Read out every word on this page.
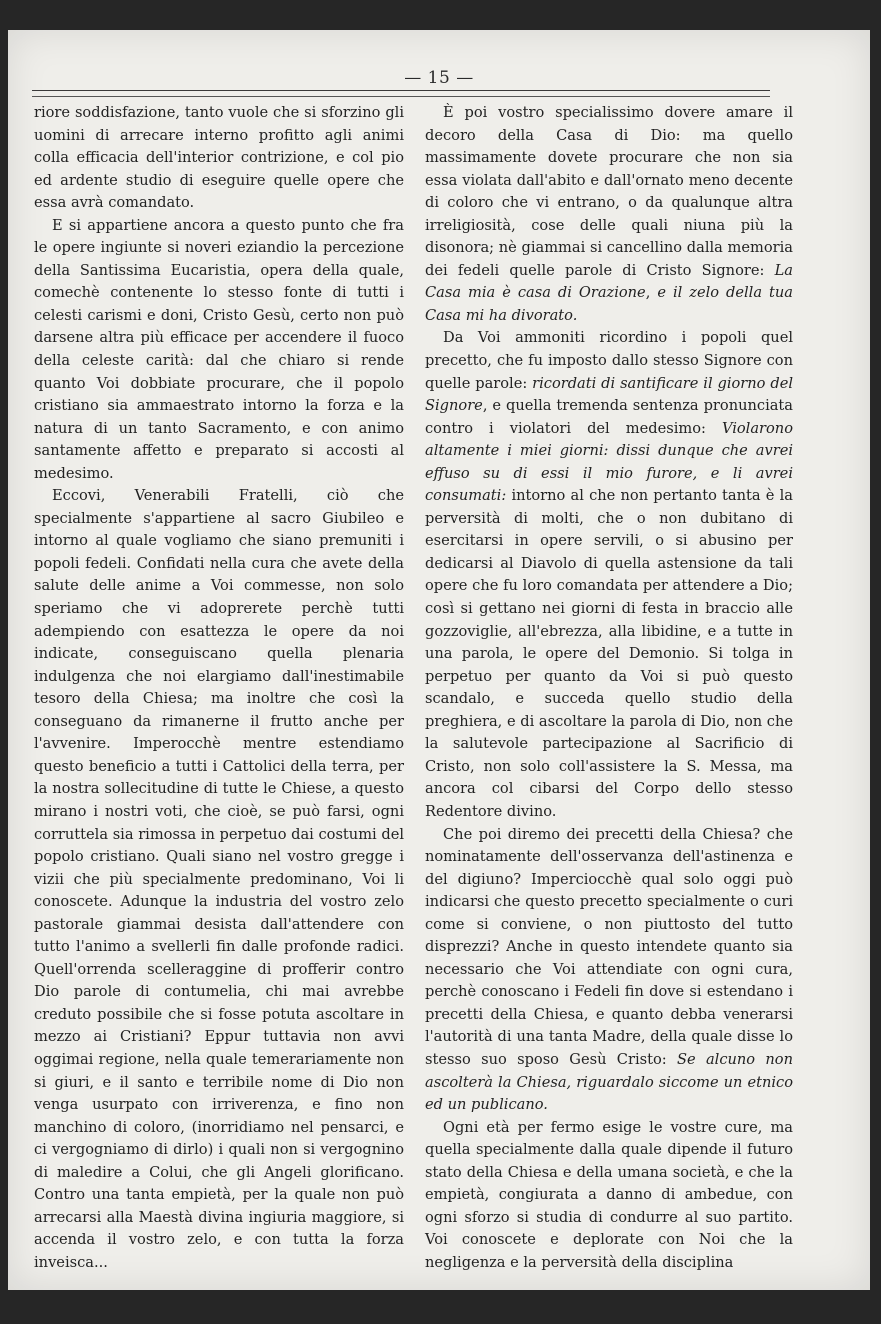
— 15 —

riore soddisfazione, tanto vuole che si sforzino gli uomini di arrecare interno profitto agli animi colla efficacia dell'interior contrizione, e col pio ed ardente studio di eseguire quelle opere che essa avrà comandato.

E si appartiene ancora a questo punto che fra le opere ingiunte si noveri eziandio la percezione della Santissima Eucaristia, opera della quale, comechè contenente lo stesso fonte di tutti i celesti carismi e doni, Cristo Gesù, certo non può darsene altra più efficace per accendere il fuoco della celeste carità: dal che chiaro si rende quanto Voi dobbiate procurare, che il popolo cristiano sia ammaestrato intorno la forza e la natura di un tanto Sacramento, e con animo santamente affetto e preparato si accosti al medesimo.

Eccovi, Venerabili Fratelli, ciò che specialmente s'appartiene al sacro Giubileo e intorno al quale vogliamo che siano premuniti i popoli fedeli. Confidati nella cura che avete della salute delle anime a Voi commesse, non solo speriamo che vi adoprerete perchè tutti adempiendo con esattezza le opere da noi indicate, conseguiscano quella plenaria indulgenza che noi elargiamo dall'inestimabile tesoro della Chiesa; ma inoltre che così la conseguano da rimanerne il frutto anche per l'avvenire. Imperocchè mentre estendiamo questo beneficio a tutti i Cattolici della terra, per la nostra sollecitudine di tutte le Chiese, a questo mirano i nostri voti, che cioè, se può farsi, ogni corruttela sia rimossa in perpetuo dai costumi del popolo cristiano. Quali siano nel vostro gregge i vizii che più specialmente predominano, Voi li conoscete. Adunque la industria del vostro zelo pastorale giammai desista dall'attendere con tutto l'animo a svellerli fin dalle profonde radici. Quell'orrenda scelleraggine di profferir contro Dio parole di contumelia, chi mai avrebbe creduto possibile che si fosse potuta ascoltare in mezzo ai Cristiani? Eppur tuttavia non avvi oggimai regione, nella quale temerariamente non si giuri, e il santo e terribile nome di Dio non venga usurpato con irriverenza, e fino non manchino di coloro, (inorridiamo nel pensarci, e ci vergogniamo di dirlo) i quali non si vergognino di maledire a Colui, che gli Angeli glorificano. Contro una tanta empietà, per la quale non può arrecarsi alla Maestà divina ingiuria maggiore, si accenda il vostro zelo, e con tutta la forza inveisca...

È poi vostro specialissimo dovere amare il decoro della Casa di Dio: ma quello massimamente dovete procurare che non sia essa violata dall'abito e dall'ornato meno decente di coloro che vi entrano, o da qualunque altra irreligiosità, cose delle quali niuna più la disonora; nè giammai si cancellino dalla memoria dei fedeli quelle parole di Cristo Signore: La Casa mia è casa di Orazione, e il zelo della tua Casa mi ha divorato.

Da Voi ammoniti ricordino i popoli quel precetto, che fu imposto dallo stesso Signore con quelle parole: ricordati di santificare il giorno del Signore, e quella tremenda sentenza pronunciata contro i violatori del medesimo: Violarono altamente i miei giorni: dissi dunque che avrei effuso su di essi il mio furore, e li avrei consumati: intorno al che non pertanto tanta è la perversità di molti, che o non dubitano di esercitarsi in opere servili, o si abusino per dedicarsi al Diavolo di quella astensione da tali opere che fu loro comandata per attendere a Dio; così si gettano nei giorni di festa in braccio alle gozzoviglie, all'ebrezza, alla libidine, e a tutte in una parola, le opere del Demonio. Si tolga in perpetuo per quanto da Voi si può questo scandalo, e succeda quello studio della preghiera, e di ascoltare la parola di Dio, non che la salutevole partecipazione al Sacrificio di Cristo, non solo coll'assistere la S. Messa, ma ancora col cibarsi del Corpo dello stesso Redentore divino.

Che poi diremo dei precetti della Chiesa? che nominatamente dell'osservanza dell'astinenza e del digiuno? Imperciocchè qual solo oggi può indicarsi che questo precetto specialmente o curi come si conviene, o non piuttosto del tutto disprezzi? Anche in questo intendete quanto sia necessario che Voi attendiate con ogni cura, perchè conoscano i Fedeli fin dove si estendano i precetti della Chiesa, e quanto debba venerarsi l'autorità di una tanta Madre, della quale disse lo stesso suo sposo Gesù Cristo: Se alcuno non ascolterà la Chiesa, riguardalo siccome un etnico ed un publicano.

Ogni età per fermo esige le vostre cure, ma quella specialmente dalla quale dipende il futuro stato della Chiesa e della umana società, e che la empietà, congiurata a danno di ambedue, con ogni sforzo si studia di condurre al suo partito. Voi conoscete e deplorate con Noi che la negligenza e la perversità della disciplina
